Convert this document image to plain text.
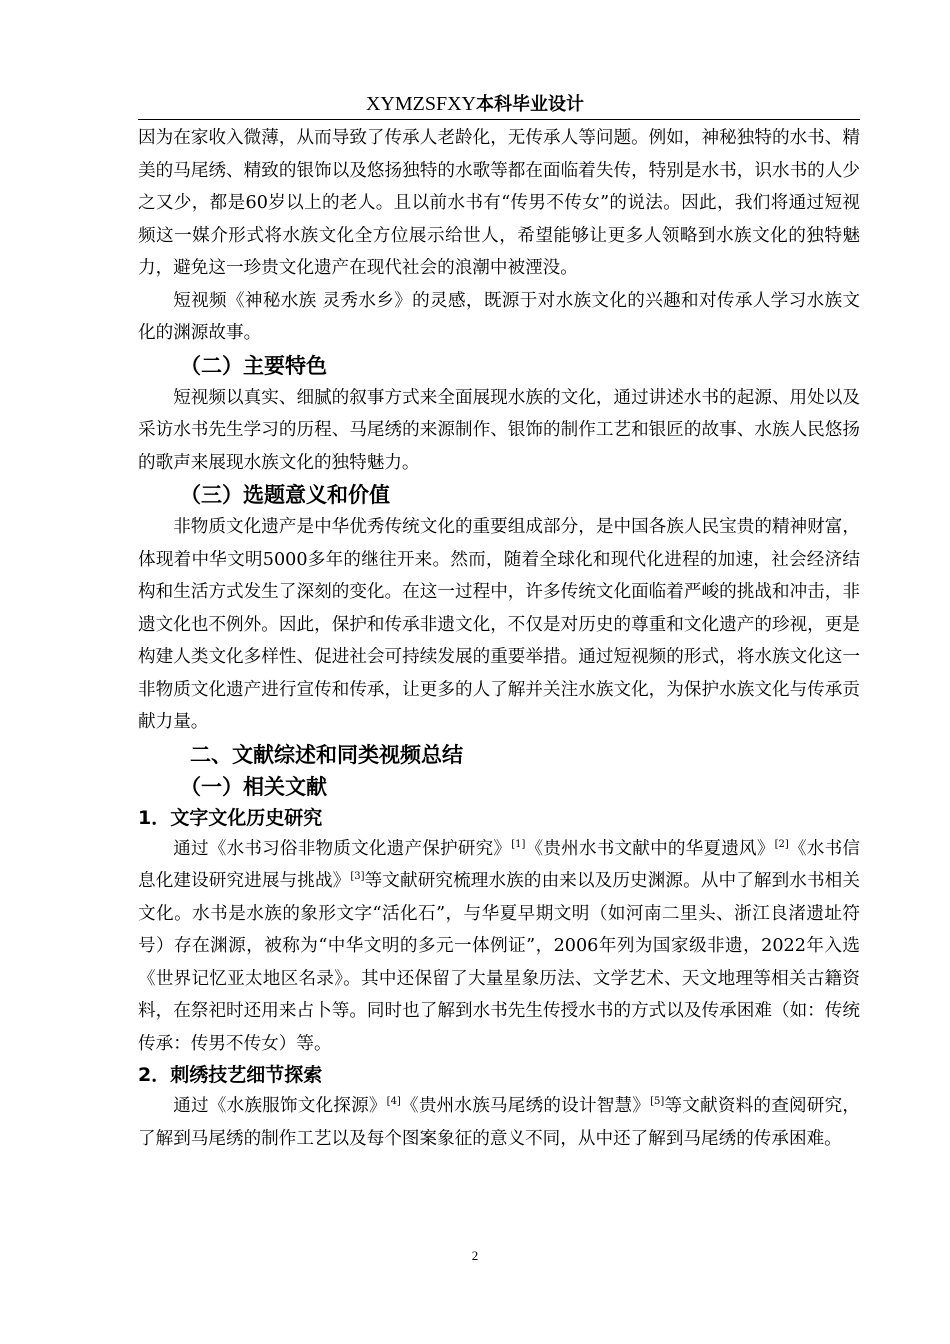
XYMZSFXY本科毕业设计

因为在家收入微薄，从而导致了传承人老龄化，无传承人等问题。例如，神秘独特的水书、精美的马尾绣、精致的银饰以及悠扬独特的水歌等都在面临着失传，特别是水书，识水书的人少之又少，都是60岁以上的老人。且以前水书有“传男不传女”的说法。因此，我们将通过短视频这一媒介形式将水族文化全方位展示给世人，希望能够让更多人领略到水族文化的独特魅力，避免这一珍贵文化遗产在现代社会的浪潮中被湮没。

短视频《神秘水族 灵秀水乡》的灵感，既源于对水族文化的兴趣和对传承人学习水族文化的渊源故事。

（二）主要特色

短视频以真实、细腻的叙事方式来全面展现水族的文化，通过讲述水书的起源、用处以及采访水书先生学习的历程、马尾绣的来源制作、银饰的制作工艺和银匠的故事、水族人民悠扬的歌声来展现水族文化的独特魅力。

（三）选题意义和价值

非物质文化遗产是中华优秀传统文化的重要组成部分，是中国各族人民宝贵的精神财富，体现着中华文明5000多年的继往开来。然而，随着全球化和现代化进程的加速，社会经济结构和生活方式发生了深刻的变化。在这一过程中，许多传统文化面临着严峻的挑战和冲击，非遗文化也不例外。因此，保护和传承非遗文化，不仅是对历史的尊重和文化遗产的珍视，更是构建人类文化多样性、促进社会可持续发展的重要举措。通过短视频的形式，将水族文化这一非物质文化遗产进行宣传和传承，让更多的人了解并关注水族文化，为保护水族文化与传承贡献力量。

二、文献综述和同类视频总结
（一）相关文献
1．文字文化历史研究

通过《水书习俗非物质文化遗产保护研究》[1]《贵州水书文献中的华夏遗风》[2]《水书信息化建设研究进展与挑战》[3]等文献研究梳理水族的由来以及历史渊源。从中了解到水书相关文化。水书是水族的象形文字“活化石”，与华夏早期文明（如河南二里头、浙江良渚遗址符号）存在渊源，被称为“中华文明的多元一体例证”，2006年列为国家级非遗，2022年入选《世界记忆亚太地区名录》。其中还保留了大量星象历法、文学艺术、天文地理等相关古籍资料，在祭祀时还用来占卜等。同时也了解到水书先生传授水书的方式以及传承困难（如：传统传承：传男不传女）等。

2．刺绣技艺细节探索

通过《水族服饰文化探源》[4]《贵州水族马尾绣的设计智慧》[5]等文献资料的查阅研究，了解到马尾绣的制作工艺以及每个图案象征的意义不同，从中还了解到马尾绣的传承困难。

2
